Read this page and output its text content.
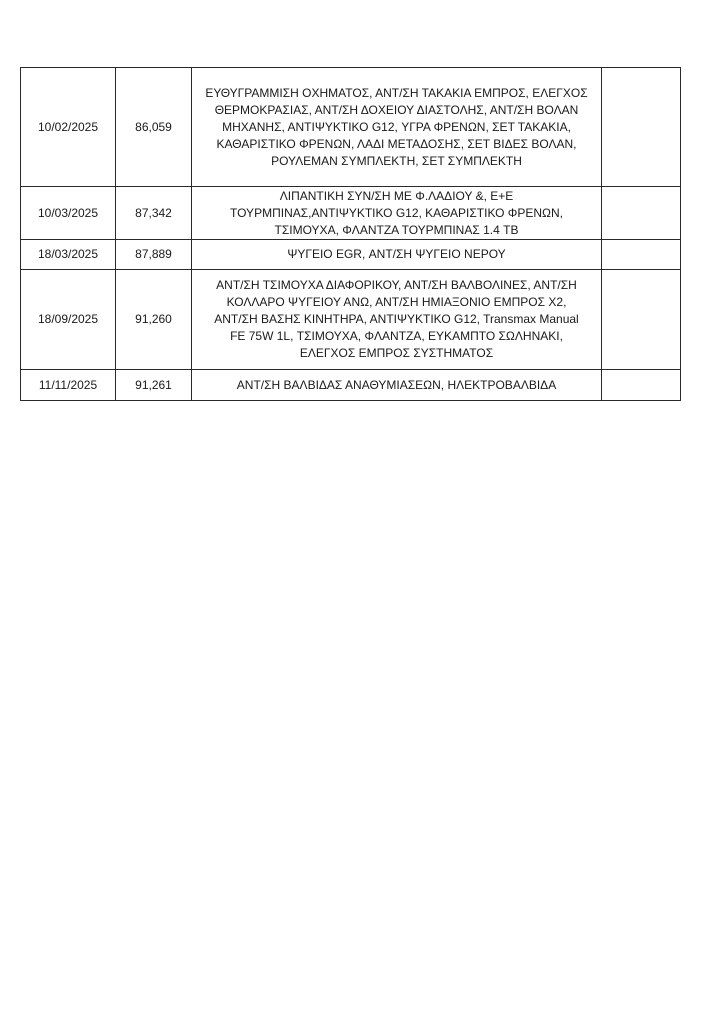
10/02/2025	86,059	ΕΥΘΥΓΡΑΜΜΙΣΗ ΟΧΗΜΑΤΟΣ, ΑΝΤ/ΣΗ ΤΑΚΑΚΙΑ ΕΜΠΡΟΣ, ΕΛΕΓΧΟΣ
ΘΕΡΜΟΚΡΑΣΙΑΣ, ΑΝΤ/ΣΗ ΔΟΧΕΙΟΥ ΔΙΑΣΤΟΛΗΣ, ΑΝΤ/ΣΗ ΒΟΛΑΝ
ΜΗΧΑΝΗΣ, ΑΝΤΙΨΥΚΤΙΚΟ G12, ΥΓΡΑ ΦΡΕΝΩΝ, ΣΕΤ ΤΑΚΑΚΙΑ,
ΚΑΘΑΡΙΣΤΙΚΟ ΦΡΕΝΩΝ, ΛΑΔΙ ΜΕΤΑΔΟΣΗΣ, ΣΕΤ ΒΙΔΕΣ ΒΟΛΑΝ,
ΡΟΥΛΕΜΑΝ ΣΥΜΠΛΕΚΤΗ, ΣΕΤ ΣΥΜΠΛΕΚΤΗ	
10/03/2025	87,342	ΛΙΠΑΝΤΙΚΗ ΣΥΝ/ΣΗ ΜΕ Φ.ΛΑΔΙΟΥ &, Ε+Ε
ΤΟΥΡΜΠΙΝΑΣ,ΑΝΤΙΨΥΚΤΙΚΟ G12, ΚΑΘΑΡΙΣΤΙΚΟ ΦΡΕΝΩΝ,
ΤΣΙΜΟΥΧΑ, ΦΛΑΝΤΖΑ ΤΟΥΡΜΠΙΝΑΣ 1.4 TB	
18/03/2025	87,889	ΨΥΓΕΙΟ EGR, ΑΝΤ/ΣΗ ΨΥΓΕΙΟ ΝΕΡΟΥ	
18/09/2025	91,260	ΑΝΤ/ΣΗ ΤΣΙΜΟΥΧΑ ΔΙΑΦΟΡΙΚΟΥ, ΑΝΤ/ΣΗ ΒΑΛΒΟΛΙΝΕΣ, ΑΝΤ/ΣΗ
ΚΟΛΛΑΡΟ ΨΥΓΕΙΟΥ ΑΝΩ, ΑΝΤ/ΣΗ ΗΜΙΑΞΟΝΙΟ ΕΜΠΡΟΣ Χ2,
ΑΝΤ/ΣΗ ΒΑΣΗΣ ΚΙΝΗΤΗΡΑ, ΑΝΤΙΨΥΚΤΙΚΟ G12, Transmax Manual
FE 75W 1L, ΤΣΙΜΟΥΧΑ, ΦΛΑΝΤΖΑ, ΕΥΚΑΜΠΤΟ ΣΩΛΗΝΑΚΙ,
ΕΛΕΓΧΟΣ ΕΜΠΡΟΣ ΣΥΣΤΗΜΑΤΟΣ	
11/11/2025	91,261	ΑΝΤ/ΣΗ ΒΑΛΒΙΔΑΣ ΑΝΑΘΥΜΙΑΣΕΩΝ, ΗΛΕΚΤΡΟΒΑΛΒΙΔΑ	
